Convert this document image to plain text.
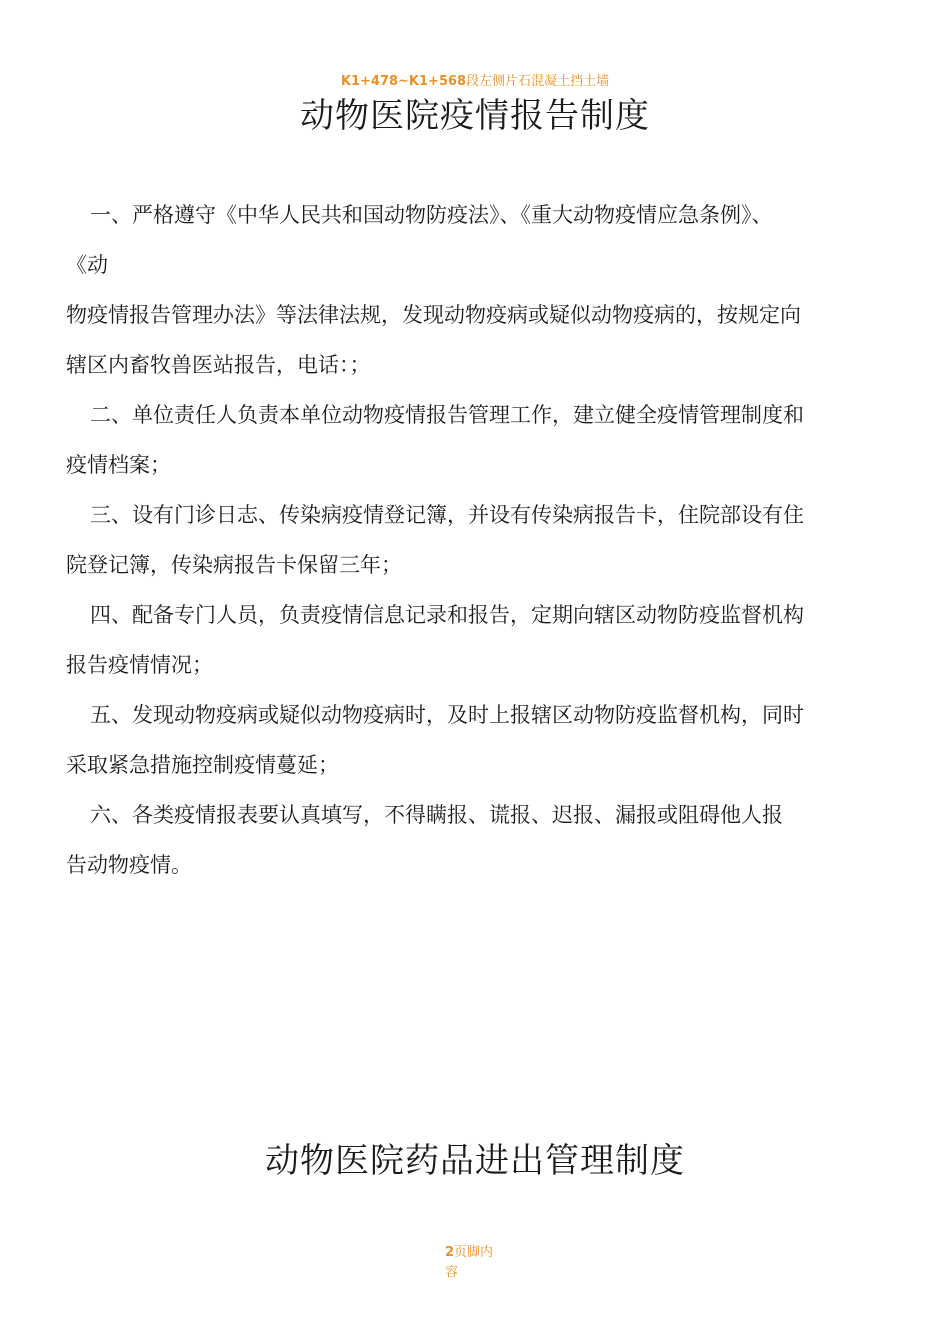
K1+478~K1+568段左侧片石混凝土挡土墙
动物医院疫情报告制度
一、严格遵守《中华人民共和国动物防疫法》、《重大动物疫情应急条例》、
《动
物疫情报告管理办法》等法律法规，发现动物疫病或疑似动物疫病的，按规定向
辖区内畜牧兽医站报告，电话：；
二、单位责任人负责本单位动物疫情报告管理工作，建立健全疫情管理制度和
疫情档案；
三、设有门诊日志、传染病疫情登记簿，并设有传染病报告卡，住院部设有住
院登记簿，传染病报告卡保留三年；
四、配备专门人员，负责疫情信息记录和报告，定期向辖区动物防疫监督机构
报告疫情情况；
五、发现动物疫病或疑似动物疫病时，及时上报辖区动物防疫监督机构，同时
采取紧急措施控制疫情蔓延；
六、各类疫情报表要认真填写，不得瞒报、谎报、迟报、漏报或阻碍他人报
告动物疫情。
动物医院药品进出管理制度
2页脚内
容
